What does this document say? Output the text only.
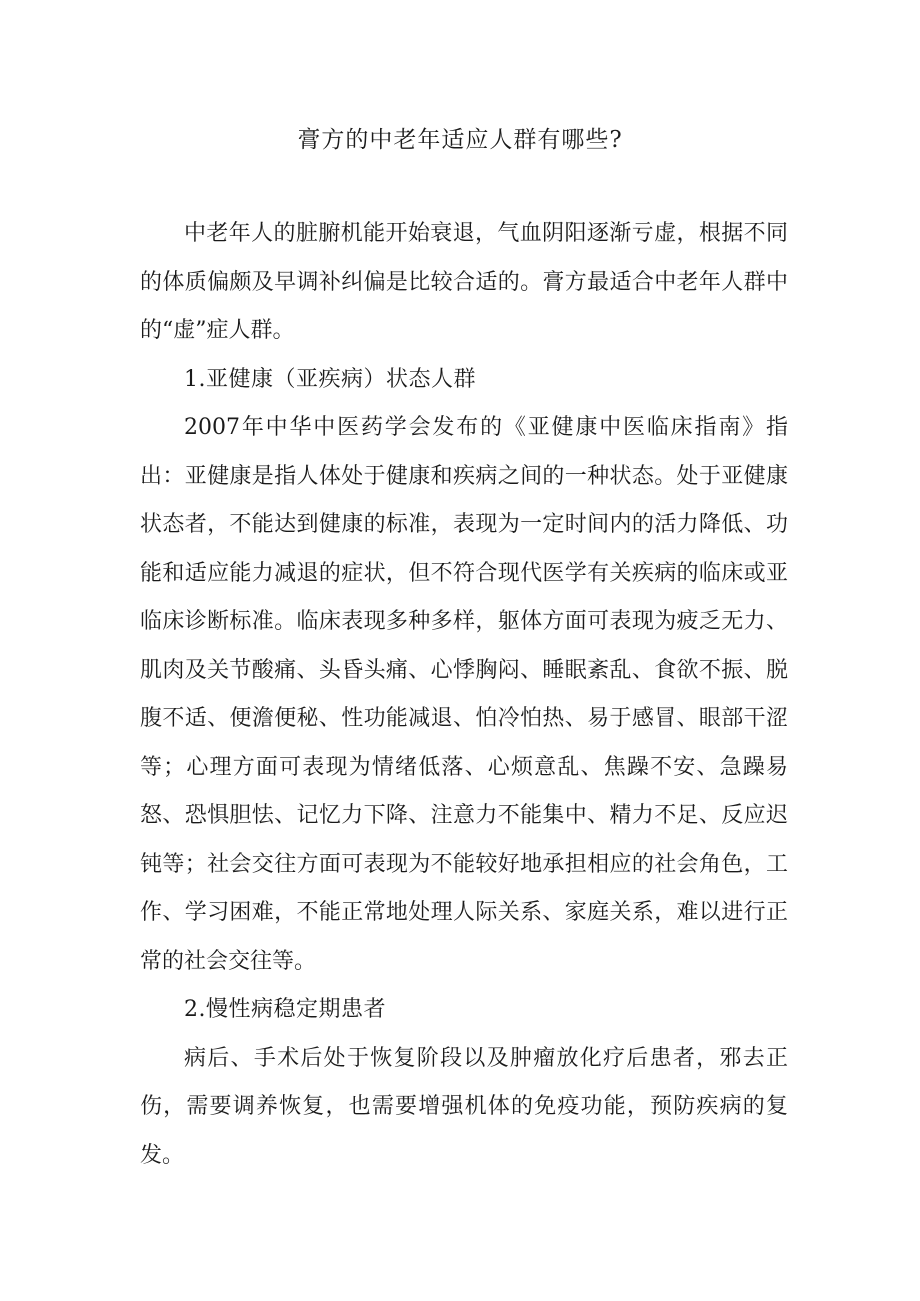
膏方的中老年适应人群有哪些?

中老年人的脏腑机能开始衰退，气血阴阳逐渐亏虚，根据不同的体质偏颇及早调补纠偏是比较合适的。膏方最适合中老年人群中的“虚”症人群。

1.亚健康（亚疾病）状态人群

2007年中华中医药学会发布的《亚健康中医临床指南》指出：亚健康是指人体处于健康和疾病之间的一种状态。处于亚健康状态者，不能达到健康的标准，表现为一定时间内的活力降低、功能和适应能力减退的症状，但不符合现代医学有关疾病的临床或亚临床诊断标准。临床表现多种多样，躯体方面可表现为疲乏无力、肌肉及关节酸痛、头昏头痛、心悸胸闷、睡眠紊乱、食欲不振、脱腹不适、便澹便秘、性功能减退、怕冷怕热、易于感冒、眼部干涩等；心理方面可表现为情绪低落、心烦意乱、焦躁不安、急躁易怒、恐惧胆怯、记忆力下降、注意力不能集中、精力不足、反应迟钝等；社会交往方面可表现为不能较好地承担相应的社会角色，工作、学习困难，不能正常地处理人际关系、家庭关系，难以进行正常的社会交往等。

2.慢性病稳定期患者

病后、手术后处于恢复阶段以及肿瘤放化疗后患者，邪去正伤，需要调养恢复，也需要增强机体的免疫功能，预防疾病的复发。
